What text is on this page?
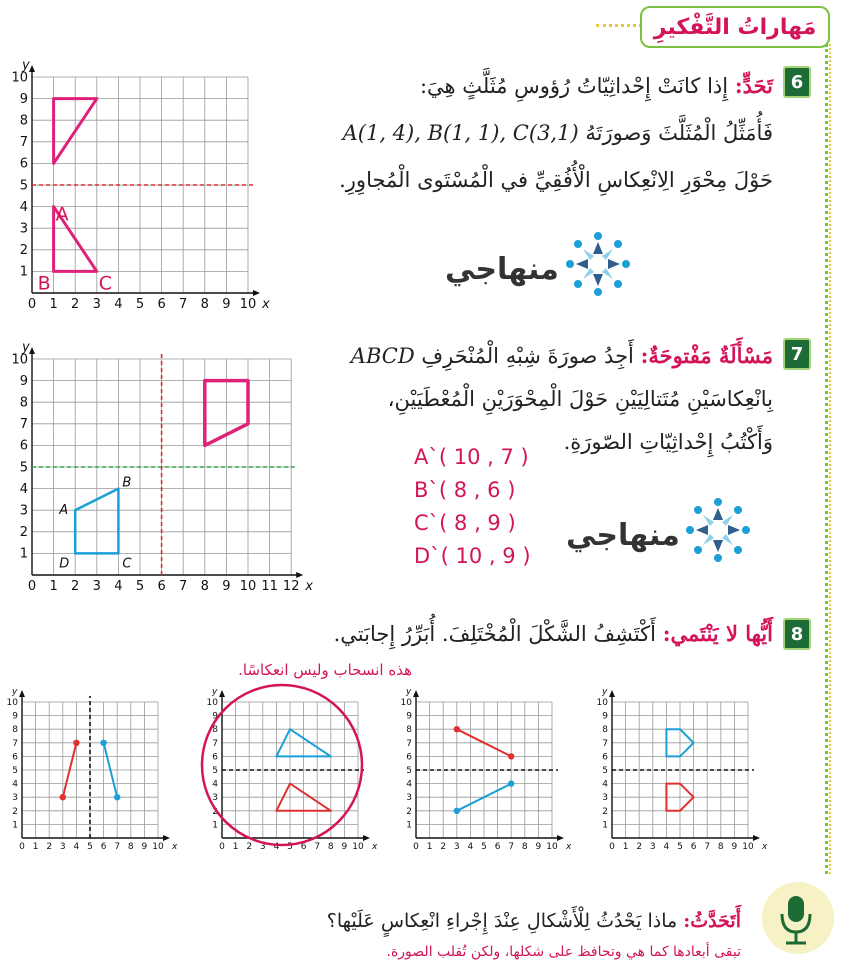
مَهاراتُ التَّفْكيرِ
6
تَحَدٍّ: إِذا كانَتْ إِحْداثِيّاتُ رُؤوسِ مُثَلَّثٍ هِيَ:
فَأُمَثِّلُ الْمُثَلَّثَ وَصورَتَهُ A(1, 4), B(1, 1), C(3,1)
حَوْلَ مِحْوَرِ الِانْعِكاسِ الْأُفُقِيِّ في الْمُسْتَوى الْمُجاوِرِ.
منهاجي
0 1 2 3 4 5 6 7 8 9 10
1
2
3
4
5
6
7
8
9
10
x
y
A
B	C
7
مَسْأَلَةٌ مَفْتوحَةٌ: أَجِدُ صورَةَ شِبْهِ الْمُنْحَرِفِ ABCD
بِانْعِكاسَيْنِ مُتَتالِيَيْنِ حَوْلَ الْمِحْوَرَيْنِ الْمُعْطَيَيْنِ،
وَأَكْتُبُ إِحْداثِيّاتِ الصّورَةِ.
A`( 10 , 7 )
B`( 8 , 6 )
C`( 8 , 9 )
D`( 10 , 9 )
منهاجي
0 1 2 3 4 5 6 7 8 9 10 11 12
1
2
3
4
5
6
7
8
9
10
x
y
A
B
C
D
8
أَيُّها لا يَنْتَمي: أَكْتَشِفُ الشَّكْلَ الْمُخْتَلِفَ. أُبَرِّرُ إِجابَتي.
هذه انسحاب وليس انعكاسًا.
0 1 2 3 4 5 6 7 8 9 10
1
2
3
4
5
6
7
8
9
10
x
y
0 1 2 3 4 5 6 7 8 9 10
1
2
3
4
5
6
7
8
9
10
x
y
0 1 2 3 4 5 6 7 8 9 10
1
2
3
4
5
6
7
8
9
10
x
y
0 1 2 3 4 5 6 7 8 9 10
1
2
3
4
5
6
7
8
9
10
x
y
أَتَحَدَّثُ: ماذا يَحْدُثُ لِلْأَشْكالِ عِنْدَ إِجْراءِ انْعِكاسٍ عَلَيْها؟
تبقى أبعادها كما هي وتحافظ على شكلها، ولكن تُقلب الصورة.
